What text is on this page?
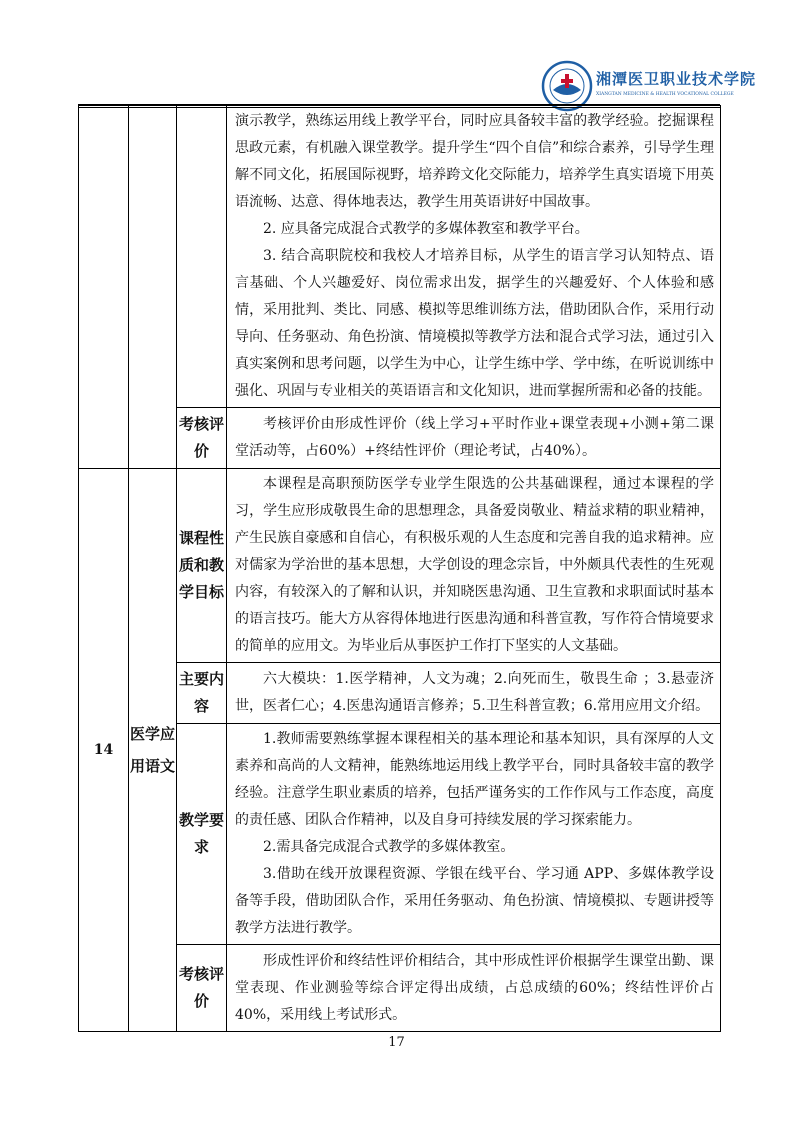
湘潭医卫职业技术学院
XIANGTAN MEDICINE & HEALTH VOCATIONAL COLLEGE

			演示教学，熟练运用线上教学平台，同时应具备较丰富的教学经验。挖掘课程思政元素，有机融入课堂教学。提升学生“四个自信”和综合素养，引导学生理解不同文化，拓展国际视野，培养跨文化交际能力，培养学生真实语境下用英语流畅、达意、得体地表达，教学生用英语讲好中国故事。

2. 应具备完成混合式教学的多媒体教室和教学平台。

3. 结合高职院校和我校人才培养目标，从学生的语言学习认知特点、语言基础、个人兴趣爱好、岗位需求出发，据学生的兴趣爱好、个人体验和感情，采用批判、类比、同感、模拟等思维训练方法，借助团队合作，采用行动导向、任务驱动、角色扮演、情境模拟等教学方法和混合式学习法，通过引入真实案例和思考问题，以学生为中心，让学生练中学、学中练，在听说训练中强化、巩固与专业相关的英语语言和文化知识，进而掌握所需和必备的技能。

		考核评价	考核评价由形成性评价（线上学习+平时作业+课堂表现+小测+第二课堂活动等，占60%）+终结性评价（理论考试，占40%）。

14	医学应用语文	课程性质和教学目标	本课程是高职预防医学专业学生限选的公共基础课程，通过本课程的学习，学生应形成敬畏生命的思想理念，具备爱岗敬业、精益求精的职业精神，产生民族自豪感和自信心，有积极乐观的人生态度和完善自我的追求精神。应对儒家为学治世的基本思想，大学创设的理念宗旨，中外颇具代表性的生死观内容，有较深入的了解和认识，并知晓医患沟通、卫生宣教和求职面试时基本的语言技巧。能大方从容得体地进行医患沟通和科普宣教，写作符合情境要求的简单的应用文。为毕业后从事医护工作打下坚实的人文基础。

		主要内容	六大模块：1.医学精神，人文为魂；2.向死而生，敬畏生命 ；3.悬壶济世，医者仁心；4.医患沟通语言修养；5.卫生科普宣教；6.常用应用文介绍。

		教学要求	1.教师需要熟练掌握本课程相关的基本理论和基本知识，具有深厚的人文素养和高尚的人文精神，能熟练地运用线上教学平台，同时具备较丰富的教学经验。注意学生职业素质的培养，包括严谨务实的工作作风与工作态度，高度的责任感、团队合作精神，以及自身可持续发展的学习探索能力。

2.需具备完成混合式教学的多媒体教室。

3.借助在线开放课程资源、学银在线平台、学习通 APP、多媒体教学设备等手段，借助团队合作，采用任务驱动、角色扮演、情境模拟、专题讲授等教学方法进行教学。

		考核评价	形成性评价和终结性评价相结合，其中形成性评价根据学生课堂出勤、课堂表现、作业测验等综合评定得出成绩，占总成绩的60%；终结性评价占 40%，采用线上考试形式。

17
